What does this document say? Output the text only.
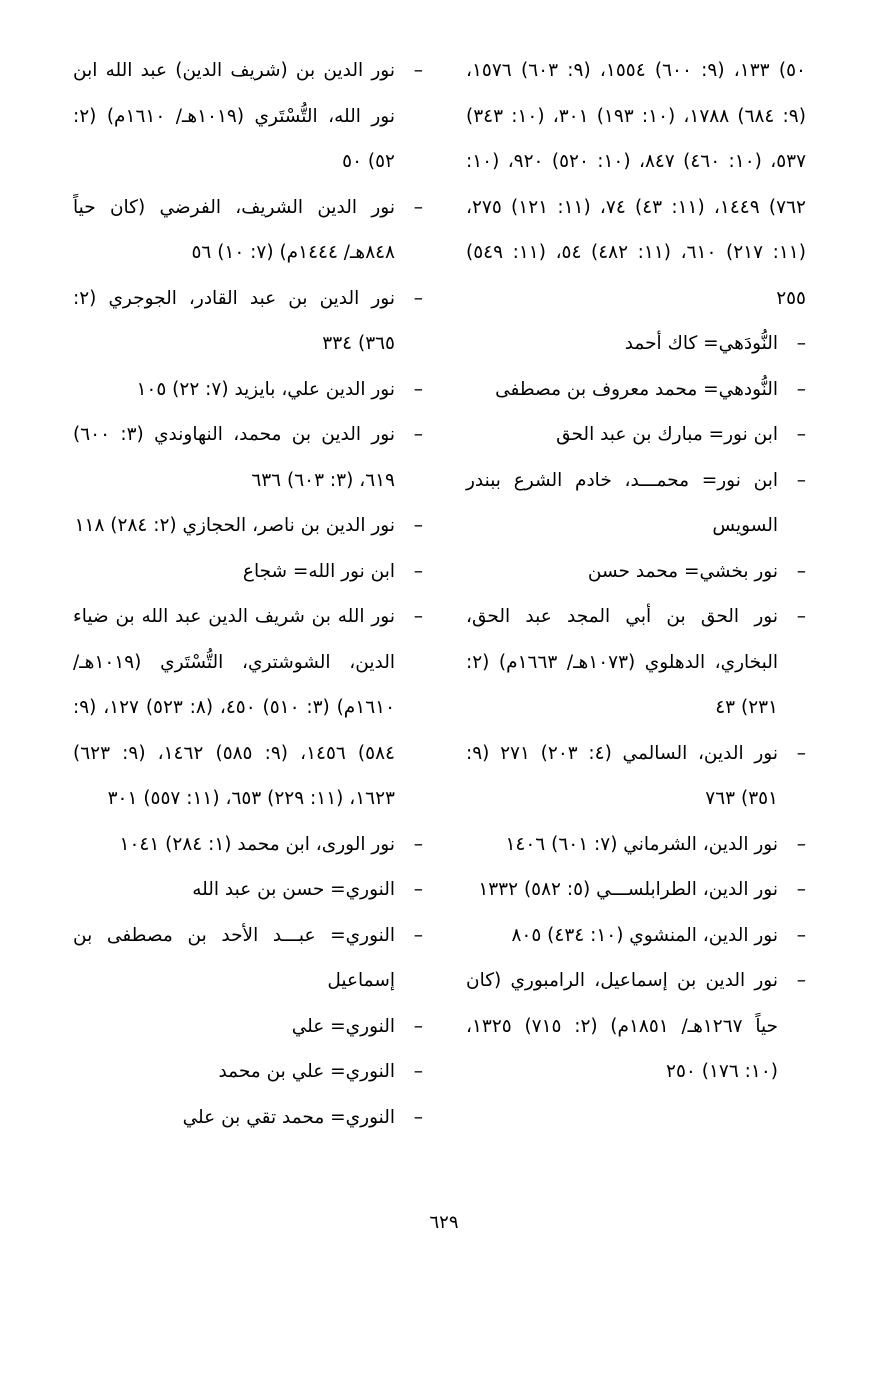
٥٠) ١٣٣، (٩: ٦٠٠) ١٥٥٤، (٩: ٦٠٣) ١٥٧٦، (٩: ٦٨٤) ١٧٨٨، (١٠: ١٩٣) ٣٠١، (١٠: ٣٤٣) ٥٣٧، (١٠: ٤٦٠) ٨٤٧، (١٠: ٥٢٠) ٩٢٠، (١٠: ٧٦٢) ١٤٤٩، (١١: ٤٣) ٧٤، (١١: ١٢١) ٢٧٥، (١١: ٢١٧) ٦١٠، (١١: ٤٨٢) ٥٤، (١١: ٥٤٩) ٢٥٥

–
النُّودَهي= كاك أحمد
–
النُّودهي= محمد معروف بن مصطفى
–
ابن نور= مبارك بن عبد الحق
–
ابن نور= محمـــد، خادم الشرع ببندر السويس
–
نور بخشي= محمد حسن
–
نور الحق بن أبي المجد عبد الحق، البخاري، الدهلوي (١٠٧٣هـ/ ١٦٦٣م) (٢: ٢٣١) ٤٣
–
نور الدين، السالمي (٤: ٢٠٣) ٢٧١ (٩: ٣٥١) ٧٦٣
–
نور الدين، الشرماني (٧: ٦٠١) ١٤٠٦
–
نور الدين، الطرابلســـي (٥: ٥٨٢) ١٣٣٢
–
نور الدين، المنشوي (١٠: ٤٣٤) ٨٠٥
–
نور الدين بن إسماعيل، الرامبوري (كان حياً ١٢٦٧هـ/ ١٨٥١م) (٢: ٧١٥) ١٣٢٥، (١٠: ١٧٦) ٢٥٠
–
نور الدين بن (شريف الدين) عبد الله ابن نور الله، التُّسْتَري (١٠١٩هـ/ ١٦١٠م) (٢: ٥٢) ٥٠
–
نور الدين الشريف، الفرضي (كان حياً ٨٤٨هـ/ ١٤٤٤م) (٧: ١٠) ٥٦
–
نور الدين بن عبد القادر، الجوجري (٢: ٣٦٥) ٣٣٤
–
نور الدين علي، بايزيد (٧: ٢٢) ١٠٥
–
نور الدين بن محمد، النهاوندي (٣: ٦٠٠) ٦١٩، (٣: ٦٠٣) ٦٣٦
–
نور الدين بن ناصر، الحجازي (٢: ٢٨٤) ١١٨
–
ابن نور الله= شجاع
–
نور الله بن شريف الدين عبد الله بن ضياء الدين، الشوشتري، التُّسْتَري (١٠١٩هـ/ ١٦١٠م) (٣: ٥١٠) ٤٥٠، (٨: ٥٢٣) ١٢٧، (٩: ٥٨٤) ١٤٥٦، (٩: ٥٨٥) ١٤٦٢، (٩: ٦٢٣) ١٦٢٣، (١١: ٢٢٩) ٦٥٣، (١١: ٥٥٧) ٣٠١
–
نور الورى، ابن محمد (١: ٢٨٤) ١٠٤١
–
النوري= حسن بن عبد الله
–
النوري= عبـــد الأحد بن مصطفى بن إسماعيل
–
النوري= علي
–
النوري= علي بن محمد
–
النوري= محمد تقي بن علي
٦٢٩
